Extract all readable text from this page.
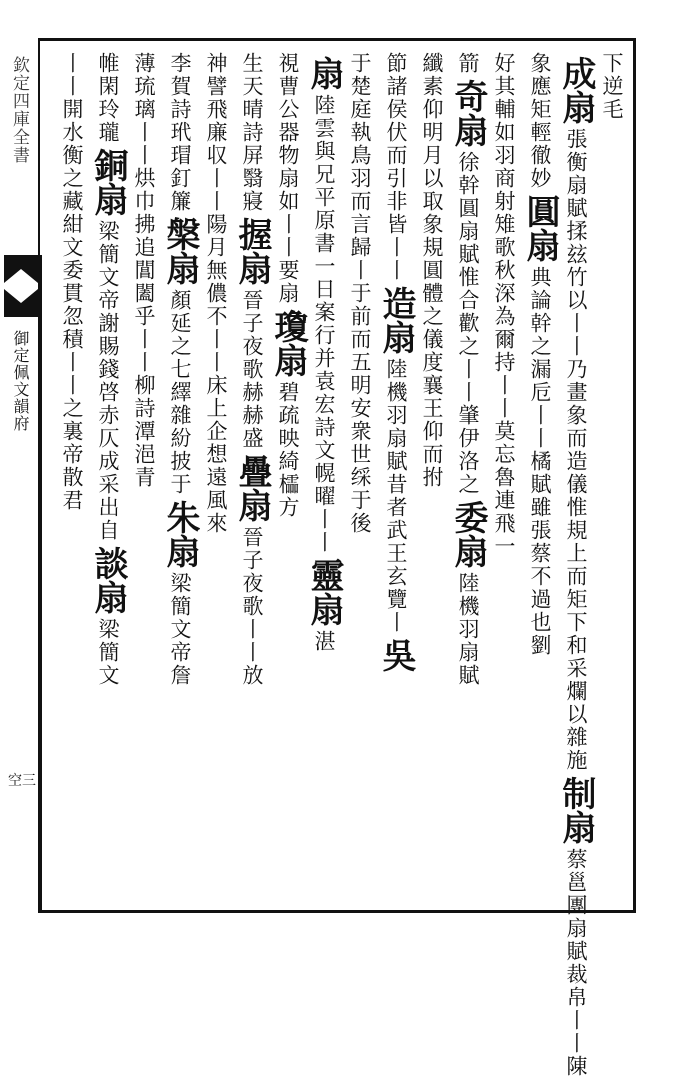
欽定四庫全書
御定佩文韻府
空三
下逆毛
成扇張衡扇賦揉玆竹以丨丨乃畫象而造儀惟規上而矩下和采爛以雜施制扇蔡邕團扇賦裁帛丨丨陳
象應矩輕徹妙圓扇典論幹之漏卮丨丨橘賦雖張蔡不過也劉
好其輔如羽商射雉歌秋深為爾持丨丨莫忘魯連飛一
箭奇扇徐幹圓扇賦惟合歡之丨丨肇伊洛之委扇陸機羽扇賦
纖素仰明月以取象規圓體之儀度襄王仰而拊
節諸侯伏而引非皆丨丨造扇陸機羽扇賦昔者武王玄覽丨吳
于楚庭執鳥羽而言歸丨于前而五明安衆世䌽于後
扇陸雲與兄平原書一日案行并袁宏詩文幌曜丨丨靈扇湛
視曹公器物扇如丨丨要扇瓊扇碧疏映綺櫺方
生天晴詩屏翳寢握扇晉子夜歌赫赫盛疊扇晉子夜歌丨丨放
神譬飛廉収丨丨陽月無儂不丨丨床上企想遠風來
李賀詩玳瑁釘簾槃扇顏延之七繹雜紛披于朱扇梁簡文帝詹
薄琉璃丨丨烘巾拂追閶闔乎丨丨柳詩潭浥青
帷閑玲瓏銅扇梁簡文帝謝賜錢啓赤仄成采出自談扇梁簡文
丨丨開水衡之藏紺文委貫忽積丨丨之裏帝散君
